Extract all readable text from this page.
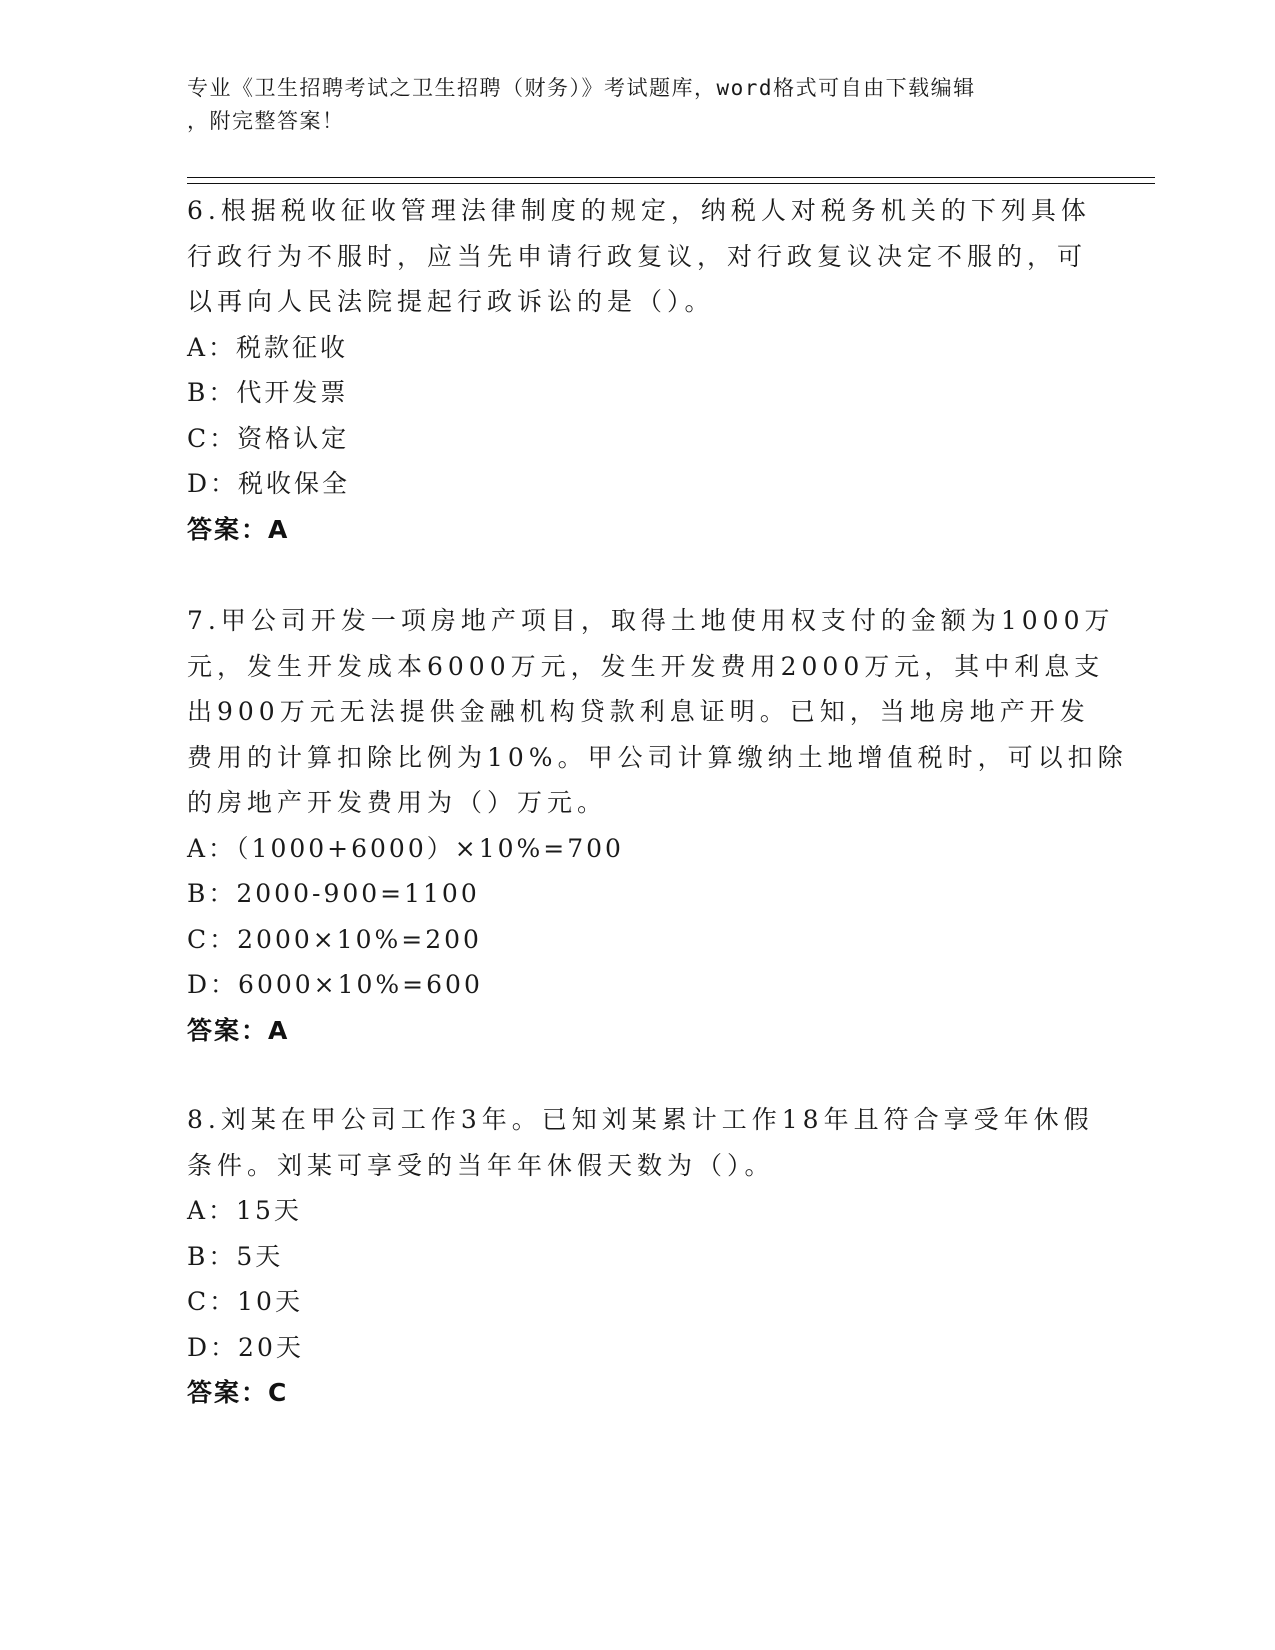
专业《卫生招聘考试之卫生招聘（财务）》考试题库，word格式可自由下载编辑
，附完整答案！
6.根据税收征收管理法律制度的规定，纳税人对税务机关的下列具体
行政行为不服时，应当先申请行政复议，对行政复议决定不服的，可
以再向人民法院提起行政诉讼的是（）。
A：税款征收
B：代开发票
C：资格认定
D：税收保全
答案：A
7.甲公司开发一项房地产项目，取得土地使用权支付的金额为1000万
元，发生开发成本6000万元，发生开发费用2000万元，其中利息支
出900万元无法提供金融机构贷款利息证明。已知，当地房地产开发
费用的计算扣除比例为10%。甲公司计算缴纳土地增值税时，可以扣除
的房地产开发费用为（）万元。
A：（1000+6000）×10%=700
B：2000-900=1100
C：2000×10%=200
D：6000×10%=600
答案：A
8.刘某在甲公司工作3年。已知刘某累计工作18年且符合享受年休假
条件。刘某可享受的当年年休假天数为（）。
A：15天
B：5天
C：10天
D：20天
答案：C
